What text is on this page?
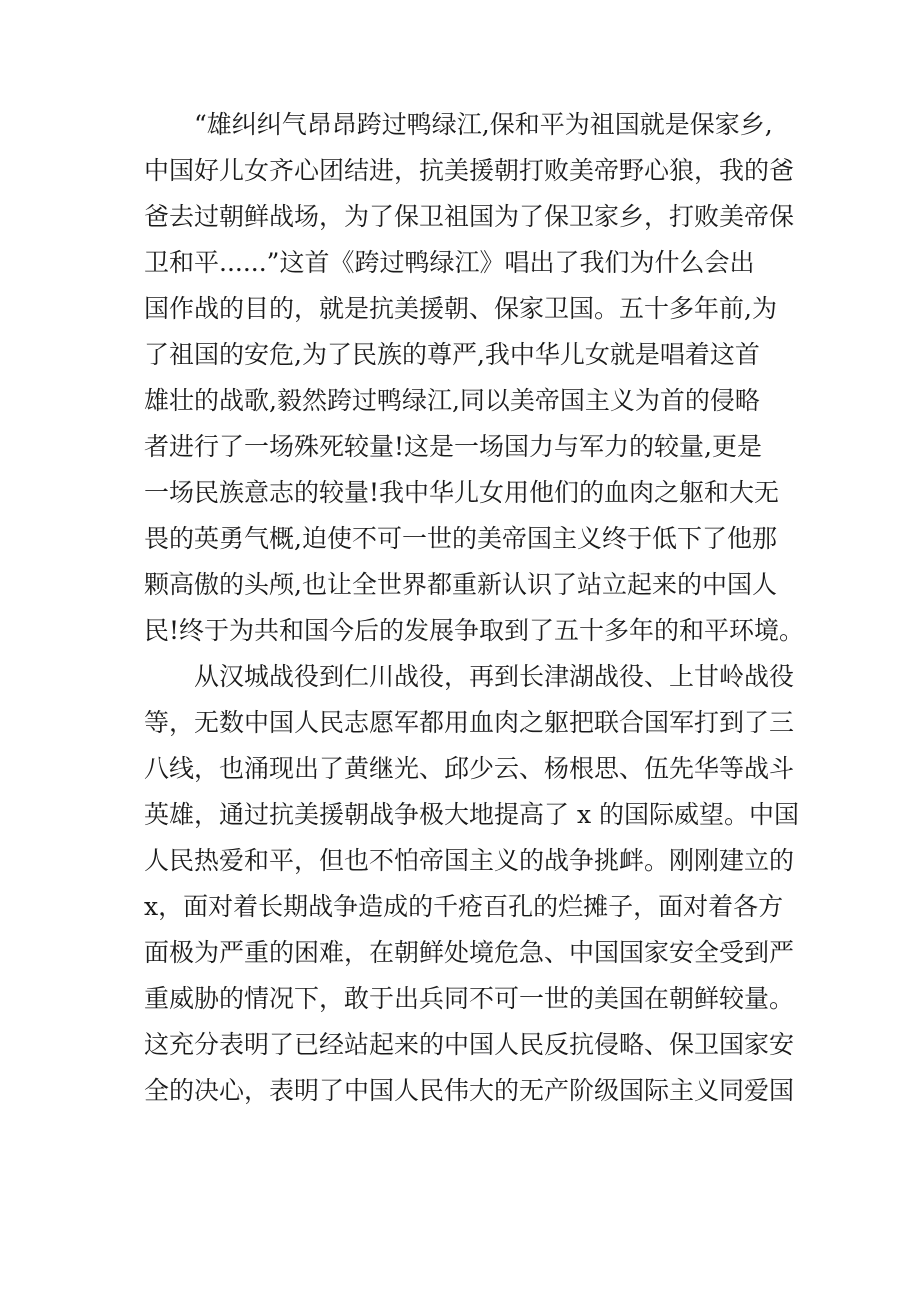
“雄纠纠气昂昂跨过鸭绿江,保和平为祖国就是保家乡,
中国好儿女齐心团结进，抗美援朝打败美帝野心狼，我的爸
爸去过朝鲜战场，为了保卫祖国为了保卫家乡，打败美帝保
卫和平......”这首《跨过鸭绿江》唱出了我们为什么会出
国作战的目的，就是抗美援朝、保家卫国。五十多年前,为
了祖国的安危,为了民族的尊严,我中华儿女就是唱着这首
雄壮的战歌,毅然跨过鸭绿江,同以美帝国主义为首的侵略
者进行了一场殊死较量!这是一场国力与军力的较量,更是
一场民族意志的较量!我中华儿女用他们的血肉之躯和大无
畏的英勇气概,迫使不可一世的美帝国主义终于低下了他那
颗高傲的头颅,也让全世界都重新认识了站立起来的中国人
民!终于为共和国今后的发展争取到了五十多年的和平环境。
从汉城战役到仁川战役，再到长津湖战役、上甘岭战役
等，无数中国人民志愿军都用血肉之躯把联合国军打到了三
八线，也涌现出了黄继光、邱少云、杨根思、伍先华等战斗
英雄，通过抗美援朝战争极大地提高了 x 的国际威望。中国
人民热爱和平，但也不怕帝国主义的战争挑衅。刚刚建立的
x，面对着长期战争造成的千疮百孔的烂摊子，面对着各方
面极为严重的困难，在朝鲜处境危急、中国国家安全受到严
重威胁的情况下，敢于出兵同不可一世的美国在朝鲜较量。
这充分表明了已经站起来的中国人民反抗侵略、保卫国家安
全的决心，表明了中国人民伟大的无产阶级国际主义同爱国
